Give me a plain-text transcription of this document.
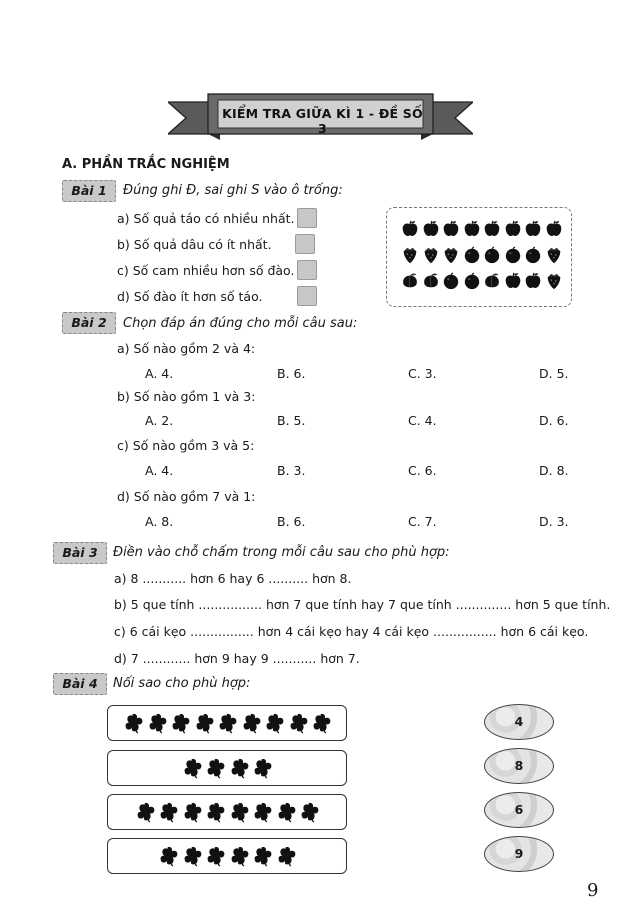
KIỂM TRA GIỮA KÌ 1 - ĐỀ SỐ 3
A. PHẦN TRẮC NGHIỆM
Bài 1	Đúng ghi Đ, sai ghi S vào ô trống:
a) Số quả táo có nhiều nhất.
b) Số quả dâu có ít nhất.
c) Số cam nhiều hơn số đào.
d) Số đào ít hơn số táo.
Bài 2	Chọn đáp án đúng cho mỗi câu sau:
a) Số nào gồm 2 và 4:
A. 4.	B. 6.	C. 3.	D. 5.
b) Số nào gồm 1 và 3:
A. 2.	B. 5.	C. 4.	D. 6.
c) Số nào gồm 3 và 5:
A. 4.	B. 3.	C. 6.	D. 8.
d) Số nào gồm 7 và 1:
A. 8.	B. 6.	C. 7.	D. 3.
Bài 3	Điền vào chỗ chấm trong mỗi câu sau cho phù hợp:
a) 8 ........... hơn 6 hay 6 .......... hơn 8.
b) 5 que tính ................ hơn 7 que tính hay 7 que tính .............. hơn 5 que tính.
c) 6 cái kẹo ................ hơn 4 cái kẹo hay 4 cái kẹo ................ hơn 6 cái kẹo.
d) 7 ............ hơn 9 hay 9 ........... hơn 7.
Bài 4	Nối sao cho phù hợp:
4
8
6
9
9
